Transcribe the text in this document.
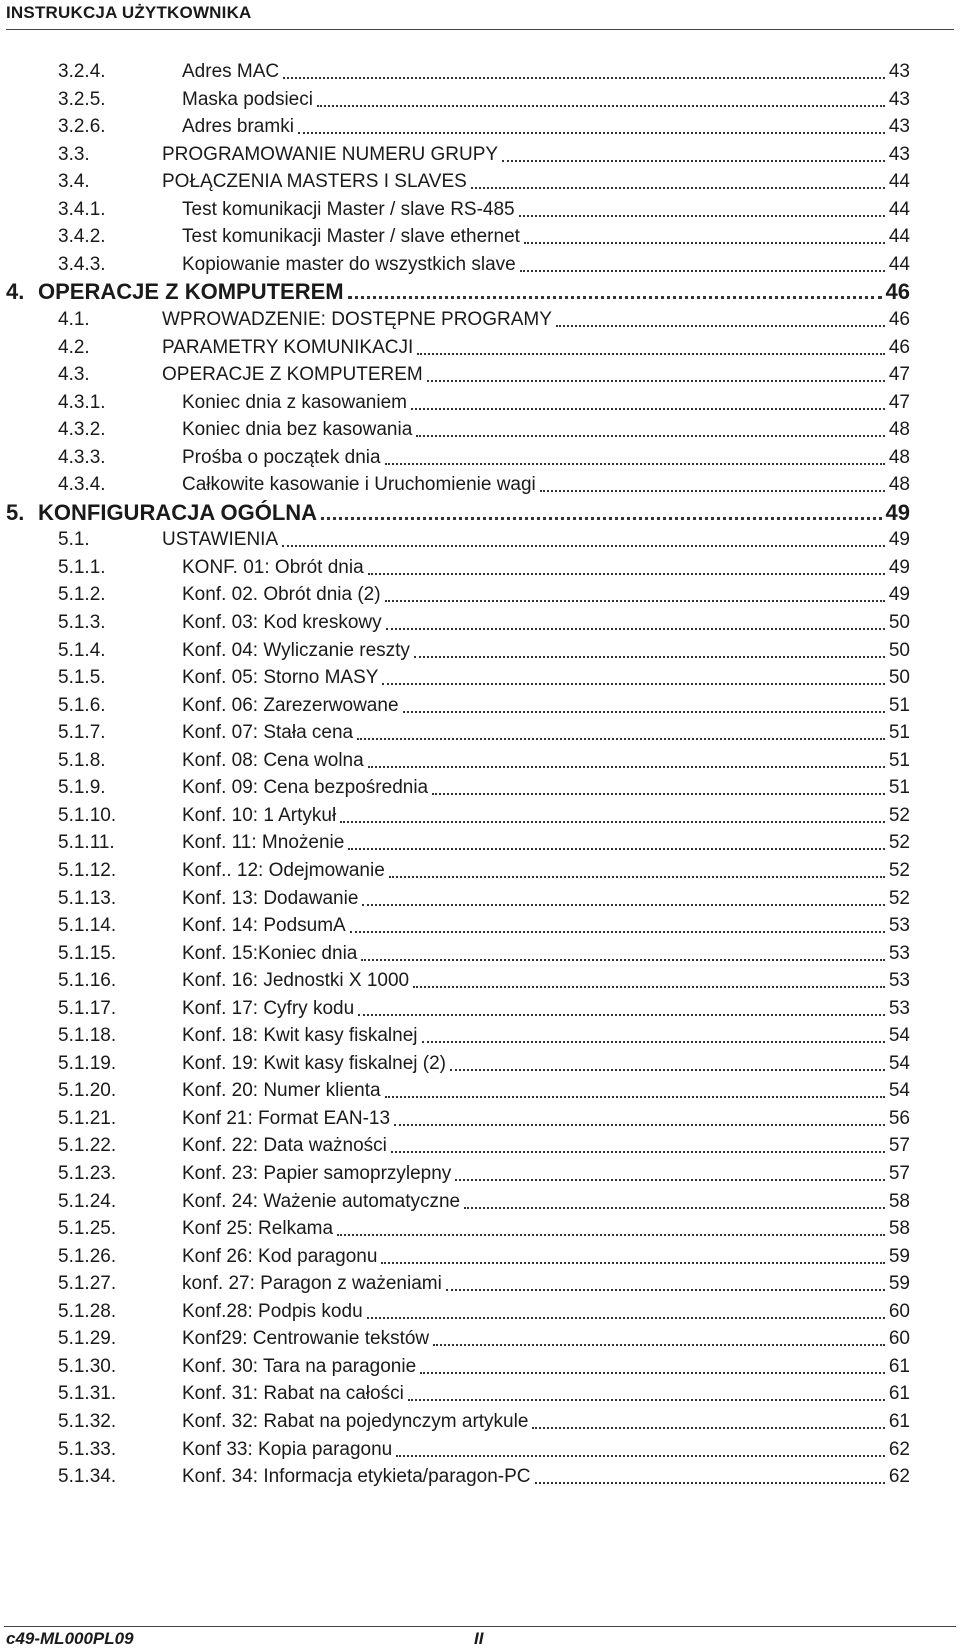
INSTRUKCJA UŻYTKOWNIKA
3.2.4.	Adres MAC	43
3.2.5.	Maska podsieci	43
3.2.6.	Adres bramki	43
3.3.	PROGRAMOWANIE NUMERU GRUPY	43
3.4.	POŁĄCZENIA MASTERS I SLAVES	44
3.4.1.	Test komunikacji Master / slave RS-485	44
3.4.2.	Test komunikacji Master / slave ethernet	44
3.4.3.	Kopiowanie master do wszystkich slave	44
4. OPERACJE Z KOMPUTEREM	46
4.1.	WPROWADZENIE: DOSTĘPNE PROGRAMY	46
4.2.	PARAMETRY KOMUNIKACJI	46
4.3.	OPERACJE Z KOMPUTEREM	47
4.3.1.	Koniec dnia z kasowaniem	47
4.3.2.	Koniec dnia bez kasowania	48
4.3.3.	Prośba o początek dnia	48
4.3.4.	Całkowite kasowanie i Uruchomienie wagi	48
5. KONFIGURACJA OGÓLNA	49
5.1.	USTAWIENIA	49
5.1.1.	KONF. 01: Obrót dnia	49
5.1.2.	Konf. 02. Obrót dnia (2)	49
5.1.3.	Konf. 03: Kod kreskowy	50
5.1.4.	Konf. 04: Wyliczanie reszty	50
5.1.5.	Konf. 05: Storno MASY	50
5.1.6.	Konf. 06: Zarezerwowane	51
5.1.7.	Konf. 07: Stała cena	51
5.1.8.	Konf. 08: Cena wolna	51
5.1.9.	Konf. 09: Cena bezpośrednia	51
5.1.10.	Konf. 10: 1 Artykuł	52
5.1.11.	Konf. 11: Mnożenie	52
5.1.12.	Konf.. 12: Odejmowanie	52
5.1.13.	Konf. 13: Dodawanie	52
5.1.14.	Konf. 14: PodsumA	53
5.1.15.	Konf. 15:Koniec dnia	53
5.1.16.	Konf. 16: Jednostki X 1000	53
5.1.17.	Konf. 17: Cyfry kodu	53
5.1.18.	Konf. 18: Kwit kasy fiskalnej	54
5.1.19.	Konf. 19: Kwit kasy fiskalnej (2)	54
5.1.20.	Konf. 20: Numer klienta	54
5.1.21.	Konf 21: Format EAN-13	56
5.1.22.	Konf. 22: Data ważności	57
5.1.23.	Konf. 23: Papier samoprzylepny	57
5.1.24.	Konf. 24: Ważenie automatyczne	58
5.1.25.	Konf 25: Relkama	58
5.1.26.	Konf 26: Kod paragonu	59
5.1.27.	konf. 27: Paragon z ważeniami	59
5.1.28.	Konf.28: Podpis kodu	60
5.1.29.	Konf29: Centrowanie tekstów	60
5.1.30.	Konf. 30: Tara na paragonie	61
5.1.31.	Konf. 31: Rabat na całości	61
5.1.32.	Konf. 32: Rabat na pojedynczym artykule	61
5.1.33.	Konf 33: Kopia paragonu	62
5.1.34.	Konf. 34: Informacja etykieta/paragon-PC	62
c49-ML000PL09	II
